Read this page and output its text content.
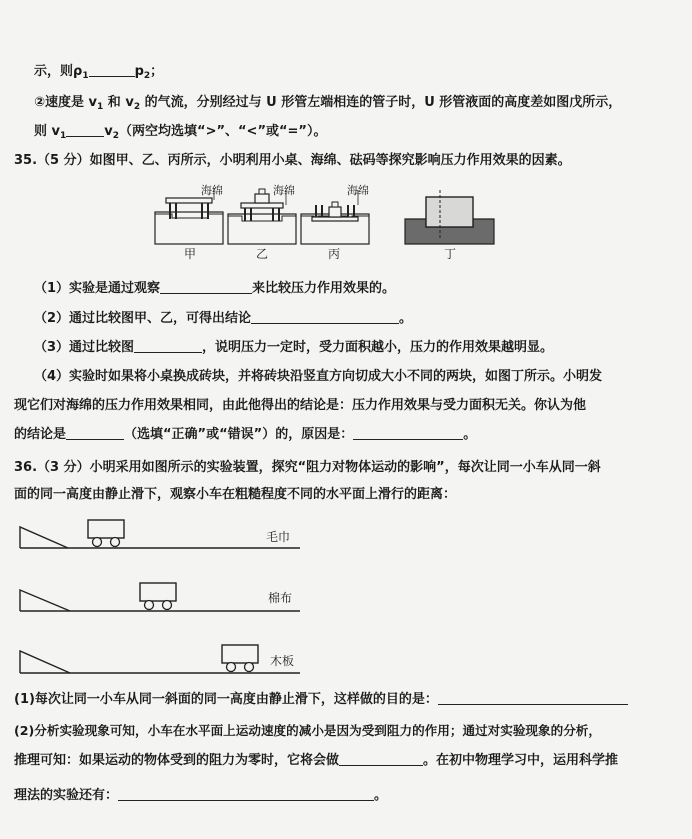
示，则$\rho_1$	$p_2$；
②速度是 $v_1$ 和 $v_2$ 的气流，分别经过与 U 形管左端相连的管子时，U 形管液面的高度差如图戊所示，
则 $v_1$	$v_2$（两空均选填“>”、“<”或“=”）。
35.（5 分）如图甲、乙、丙所示，小明利用小桌、海绵、砝码等探究影响压力作用效果的因素。
海绵
甲
海绵
乙
海绵
丙	丁
（1）实验是通过观察	来比较压力作用效果的。
（2）通过比较图甲、乙，可得出结论	。
（3）通过比较图	，说明压力一定时，受力面积越小，压力的作用效果越明显。
（4）实验时如果将小桌换成砖块，并将砖块沿竖直方向切成大小不同的两块，如图丁所示。小明发
现它们对海绵的压力作用效果相同，由此他得出的结论是：压力作用效果与受力面积无关。你认为他
的结论是	（选填“正确”或“错误”）的，原因是：	。
36.（3 分）小明采用如图所示的实验装置，探究“阻力对物体运动的影响”，每次让同一小车从同一斜
面的同一高度由静止滑下，观察小车在粗糙程度不同的水平面上滑行的距离：
毛巾
棉布
木板
(1)每次让同一小车从同一斜面的同一高度由静止滑下，这样做的目的是：
(2)分析实验现象可知，小车在水平面上运动速度的减小是因为受到阻力的作用；通过对实验现象的分析，
推理可知：如果运动的物体受到的阻力为零时，它将会做	。在初中物理学习中，运用科学推
理法的实验还有：	。
